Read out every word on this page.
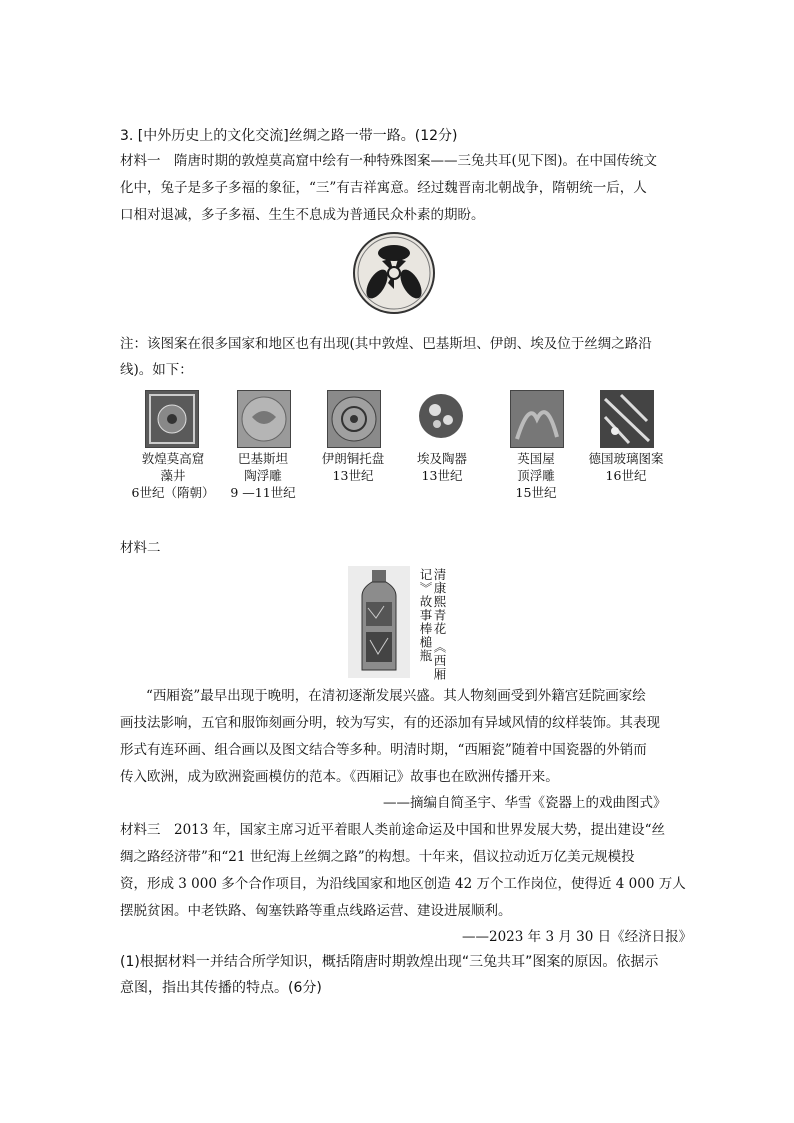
3. [中外历史上的文化交流]丝绸之路一带一路。(12分)
材料一　隋唐时期的敦煌莫高窟中绘有一种特殊图案——三兔共耳(见下图)。在中国传统文
化中，兔子是多子多福的象征，“三”有吉祥寓意。经过魏晋南北朝战争，隋朝统一后，人
口相对退减，多子多福、生生不息成为普通民众朴素的期盼。
注：该图案在很多国家和地区也有出现(其中敦煌、巴基斯坦、伊朗、埃及位于丝绸之路沿
线)。如下：
敦煌莫高窟
藻井
6世纪（隋朝）
巴基斯坦
陶浮雕
9 —11世纪
伊朗铜托盘
13世纪
埃及陶器
13世纪
英国屋
顶浮雕
15世纪
德国玻璃图案
16世纪
材料二
清康熙青花 《西厢记》故事棒槌瓶
“西厢瓷”最早出现于晚明，在清初逐渐发展兴盛。其人物刻画受到外籍宫廷院画家绘
画技法影响，五官和服饰刻画分明，较为写实，有的还添加有异域风情的纹样装饰。其表现
形式有连环画、组合画以及图文结合等多种。明清时期，“西厢瓷”随着中国瓷器的外销而
传入欧洲，成为欧洲瓷画模仿的范本。《西厢记》故事也在欧洲传播开来。
——摘编自简圣宇、华雪《瓷器上的戏曲图式》
材料三　2013 年，国家主席习近平着眼人类前途命运及中国和世界发展大势，提出建设“丝
绸之路经济带”和“21 世纪海上丝绸之路”的构想。十年来，倡议拉动近万亿美元规模投
资，形成 3 000 多个合作项目，为沿线国家和地区创造 42 万个工作岗位，使得近 4 000 万人
摆脱贫困。中老铁路、匈塞铁路等重点线路运营、建设进展顺利。
——2023 年 3 月 30 日《经济日报》
(1)根据材料一并结合所学知识，概括隋唐时期敦煌出现“三兔共耳”图案的原因。依据示
意图，指出其传播的特点。(6分)
